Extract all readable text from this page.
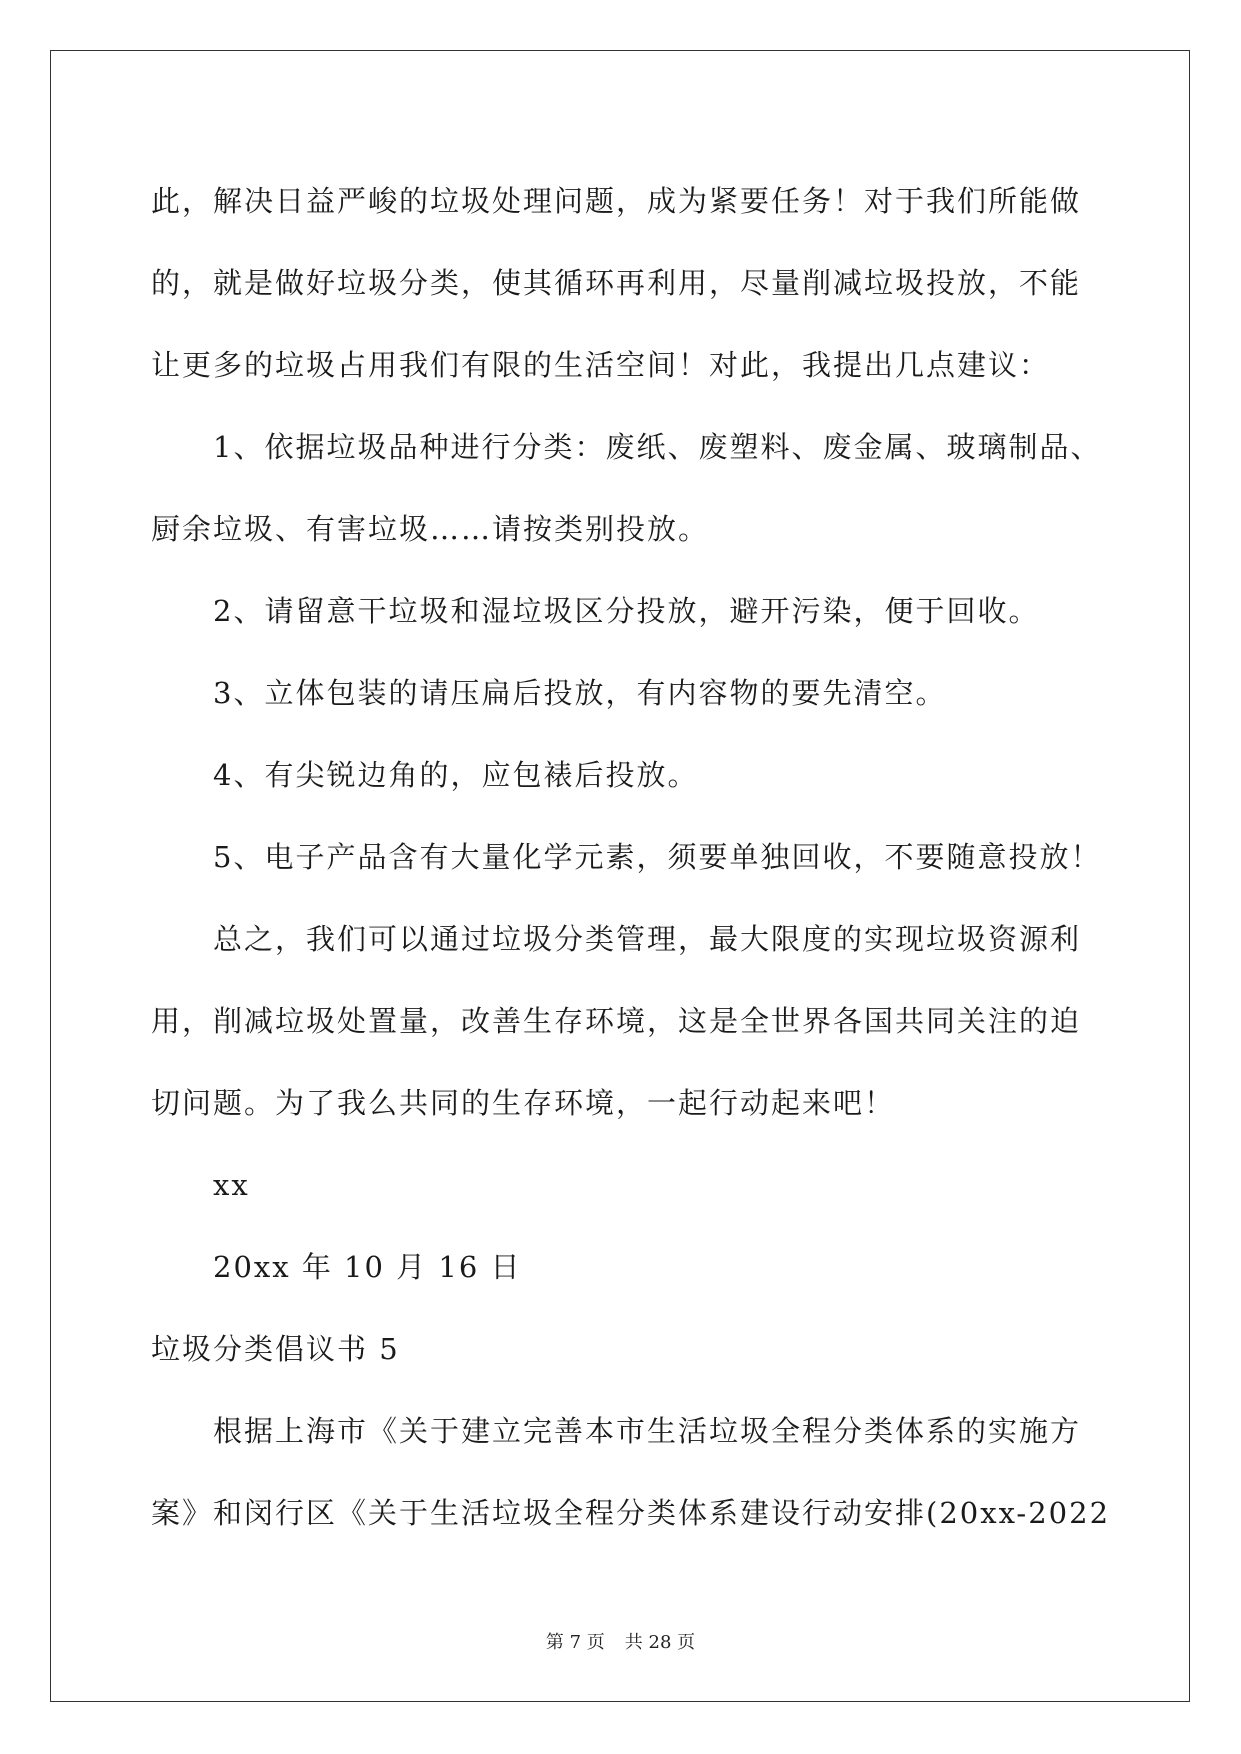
此，解决日益严峻的垃圾处理问题，成为紧要任务！对于我们所能做
的，就是做好垃圾分类，使其循环再利用，尽量削减垃圾投放，不能
让更多的垃圾占用我们有限的生活空间！对此，我提出几点建议：
1、依据垃圾品种进行分类：废纸、废塑料、废金属、玻璃制品、
厨余垃圾、有害垃圾……请按类别投放。
2、请留意干垃圾和湿垃圾区分投放，避开污染，便于回收。
3、立体包装的请压扁后投放，有内容物的要先清空。
4、有尖锐边角的，应包裱后投放。
5、电子产品含有大量化学元素，须要单独回收，不要随意投放！
总之，我们可以通过垃圾分类管理，最大限度的实现垃圾资源利
用，削减垃圾处置量，改善生存环境，这是全世界各国共同关注的迫
切问题。为了我么共同的生存环境，一起行动起来吧！
xx
20xx 年 10 月 16 日
垃圾分类倡议书 5
根据上海市《关于建立完善本市生活垃圾全程分类体系的实施方
案》和闵行区《关于生活垃圾全程分类体系建设行动安排(20xx-2022
第 7 页 共 28 页
